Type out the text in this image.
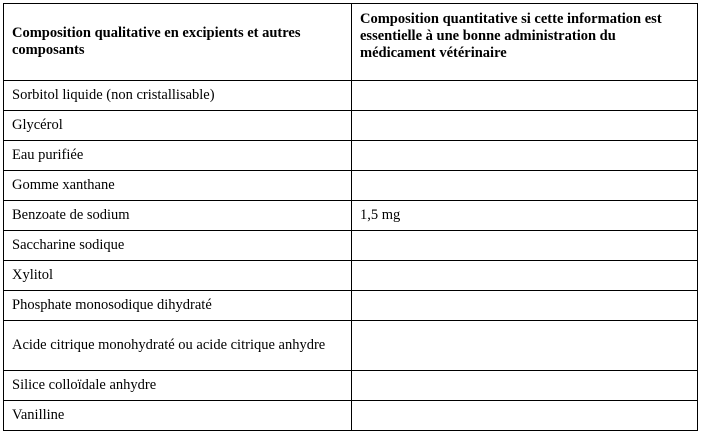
Composition qualitative en excipients et autres composants	Composition quantitative si cette information est essentielle à une bonne administration du médicament vétérinaire
Sorbitol liquide (non cristallisable)	
Glycérol	
Eau purifiée	
Gomme xanthane	
Benzoate de sodium	1,5 mg
Saccharine sodique	
Xylitol	
Phosphate monosodique dihydraté	
Acide citrique monohydraté ou acide citrique anhydre	
Silice colloïdale anhydre	
Vanilline	
